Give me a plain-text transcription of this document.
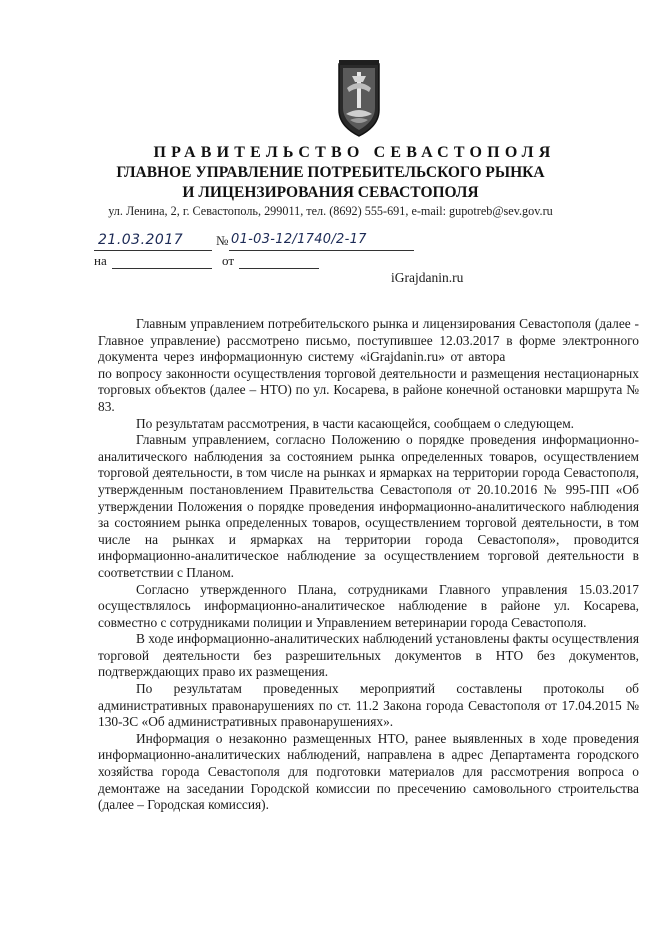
ПРАВИТЕЛЬСТВО СЕВАСТОПОЛЯ
ГЛАВНОЕ УПРАВЛЕНИЕ ПОТРЕБИТЕЛЬСКОГО РЫНКА
И ЛИЦЕНЗИРОВАНИЯ СЕВАСТОПОЛЯ
ул. Ленина, 2, г. Севастополь, 299011, тел. (8692) 555-691, e-mail: gupotreb@sev.gov.ru
21.03.2017	№ 01-03-12/1740/2-17
на	от
iGrajdanin.ru

Главным управлением потребительского рынка и лицензирования Севастополя (далее - Главное управление) рассмотрено письмо, поступившее 12.03.2017 в форме электронного документа через информационную систему «iGrajdanin.ru» от автора  по вопросу законности осуществления торговой деятельности и размещения нестационарных торговых объектов (далее – НТО) по ул. Косарева, в районе конечной остановки маршрута № 83.

По результатам рассмотрения, в части касающейся, сообщаем о следующем.

Главным управлением, согласно Положению о порядке проведения информационно-аналитического наблюдения за состоянием рынка определенных товаров, осуществлением торговой деятельности, в том числе на рынках и ярмарках на территории города Севастополя, утвержденным постановлением Правительства Севастополя от 20.10.2016 № 995-ПП «Об утверждении Положения о порядке проведения информационно-аналитического наблюдения за состоянием рынка определенных товаров, осуществлением торговой деятельности, в том числе на рынках и ярмарках на территории города Севастополя», проводится информационно-аналитическое наблюдение за осуществлением торговой деятельности в соответствии с Планом.

Согласно утвержденного Плана, сотрудниками Главного управления 15.03.2017 осуществлялось информационно-аналитическое наблюдение в районе ул. Косарева, совместно с сотрудниками полиции и Управлением ветеринарии города Севастополя.

В ходе информационно-аналитических наблюдений установлены факты осуществления торговой деятельности без разрешительных документов в НТО без документов, подтверждающих право их размещения.

По результатам проведенных мероприятий составлены протоколы об административных правонарушениях по ст. 11.2 Закона города Севастополя от 17.04.2015 № 130-ЗС «Об административных правонарушениях».

Информация о незаконно размещенных НТО, ранее выявленных в ходе проведения информационно-аналитических наблюдений, направлена в адрес Департамента городского хозяйства города Севастополя для подготовки материалов для рассмотрения вопроса о демонтаже на заседании Городской комиссии по пресечению самовольного строительства (далее – Городская комиссия).
